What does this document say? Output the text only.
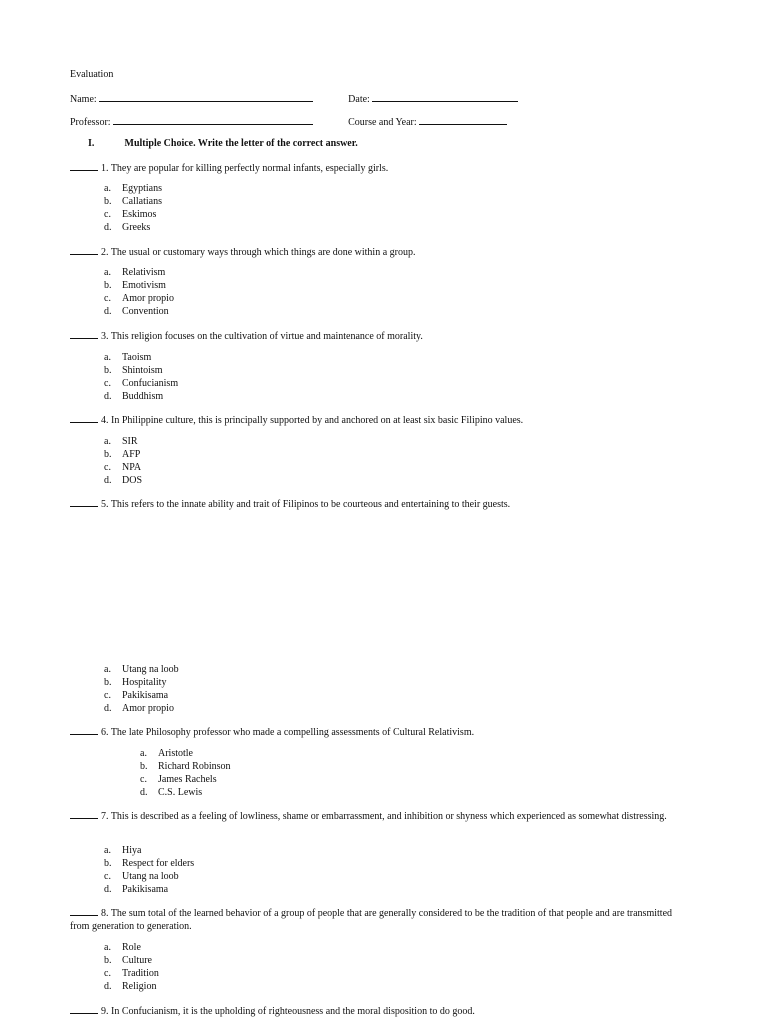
Evaluation
Name:	Date:
Professor:	Course and Year:
I.	Multiple Choice. Write the letter of the correct answer.
1. They are popular for killing perfectly normal infants, especially girls.
a. Egyptians
b. Callatians
c. Eskimos
d. Greeks
2. The usual or customary ways through which things are done within a group.
a. Relativism
b. Emotivism
c. Amor propio
d. Convention
3. This religion focuses on the cultivation of virtue and maintenance of morality.
a. Taoism
b. Shintoism
c. Confucianism
d. Buddhism
4. In Philippine culture, this is principally supported by and anchored on at least six basic Filipino values.
a. SIR
b. AFP
c. NPA
d. DOS
5. This refers to the innate ability and trait of Filipinos to be courteous and entertaining to their guests.
a. Utang na loob
b. Hospitality
c. Pakikisama
d. Amor propio
6. The late Philosophy professor who made a compelling assessments of Cultural Relativism.
a. Aristotle
b. Richard Robinson
c. James Rachels
d. C.S. Lewis
7. This is described as a feeling of lowliness, shame or embarrassment, and inhibition or shyness which experienced as somewhat distressing.
a. Hiya
b. Respect for elders
c. Utang na loob
d. Pakikisama
8. The sum total of the learned behavior of a group of people that are generally considered to be the tradition of that people and are transmitted from generation to generation.
a. Role
b. Culture
c. Tradition
d. Religion
9. In Confucianism, it is the upholding of righteousness and the moral disposition to do good.
